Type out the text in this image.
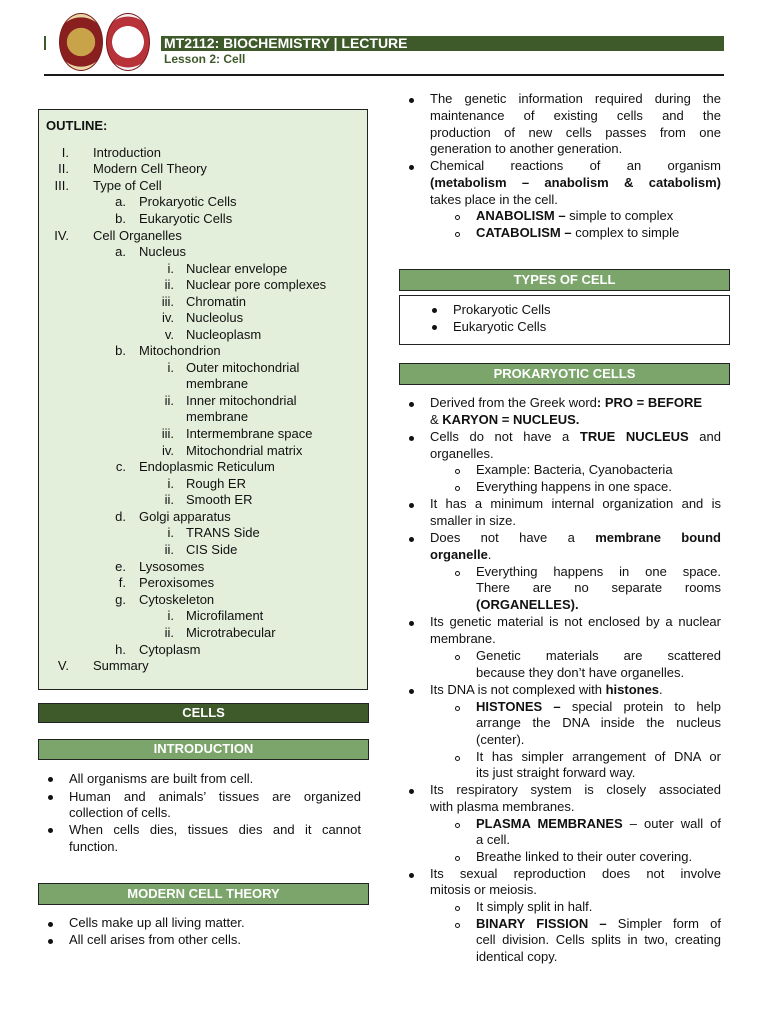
MT2112: BIOCHEMISTRY | LECTURE
Lesson 2: Cell
OUTLINE:
I. Introduction
II. Modern Cell Theory
III. Type of Cell
a. Prokaryotic Cells
b. Eukaryotic Cells
IV. Cell Organelles
a. Nucleus
i. Nuclear envelope
ii. Nuclear pore complexes
iii. Chromatin
iv. Nucleolus
v. Nucleoplasm
b. Mitochondrion
i. Outer mitochondrial
membrane
ii. Inner mitochondrial
membrane
iii. Intermembrane space
iv. Mitochondrial matrix
c. Endoplasmic Reticulum
i. Rough ER
ii. Smooth ER
d. Golgi apparatus
i. TRANS Side
ii. CIS Side
e. Lysosomes
f. Peroxisomes
g. Cytoskeleton
i. Microfilament
ii. Microtrabecular
h. Cytoplasm
V. Summary
CELLS
INTRODUCTION
All organisms are built from cell.
Human and animals’ tissues are organized
collection of cells.
When cells dies, tissues dies and it cannot
function.
MODERN CELL THEORY
Cells make up all living matter.
All cell arises from other cells.
The genetic information required during the
maintenance of existing cells and the
production of new cells passes from one
generation to another generation.
Chemical reactions of an organism
(metabolism – anabolism & catabolism)
takes place in the cell.
ANABOLISM – simple to complex
CATABOLISM – complex to simple
TYPES OF CELL
Prokaryotic Cells
Eukaryotic Cells
PROKARYOTIC CELLS
Derived from the Greek word: PRO = BEFORE
& KARYON = NUCLEUS.
Cells do not have a TRUE NUCLEUS and
organelles.
Example: Bacteria, Cyanobacteria
Everything happens in one space.
It has a minimum internal organization and is
smaller in size.
Does not have a membrane bound
organelle.
Everything happens in one space.
There are no separate rooms
(ORGANELLES).
Its genetic material is not enclosed by a nuclear
membrane.
Genetic materials are scattered
because they don’t have organelles.
Its DNA is not complexed with histones.
HISTONES – special protein to help
arrange the DNA inside the nucleus
(center).
It has simpler arrangement of DNA or
its just straight forward way.
Its respiratory system is closely associated
with plasma membranes.
PLASMA MEMBRANES – outer wall of
a cell.
Breathe linked to their outer covering.
Its sexual reproduction does not involve
mitosis or meiosis.
It simply split in half.
BINARY FISSION – Simpler form of
cell division. Cells splits in two, creating
identical copy.
